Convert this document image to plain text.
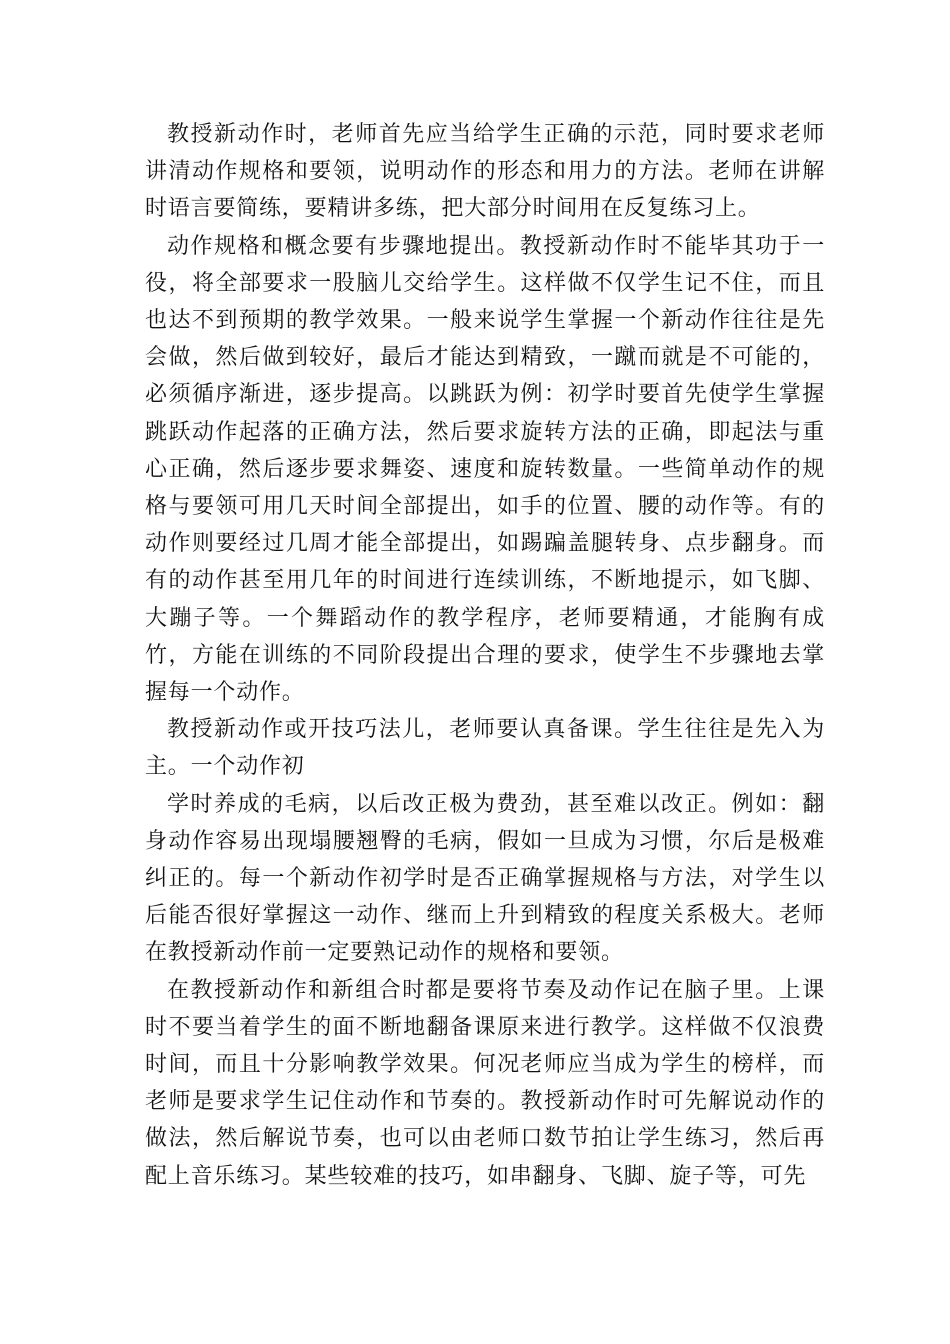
教授新动作时，老师首先应当给学生正确的示范，同时要求老师讲清动作规格和要领，说明动作的形态和用力的方法。老师在讲解时语言要简练，要精讲多练，把大部分时间用在反复练习上。

动作规格和概念要有步骤地提出。教授新动作时不能毕其功于一役，将全部要求一股脑儿交给学生。这样做不仅学生记不住，而且也达不到预期的教学效果。一般来说学生掌握一个新动作往往是先会做，然后做到较好，最后才能达到精致，一蹴而就是不可能的，必须循序渐进，逐步提高。以跳跃为例：初学时要首先使学生掌握跳跃动作起落的正确方法，然后要求旋转方法的正确，即起法与重心正确，然后逐步要求舞姿、速度和旋转数量。一些简单动作的规格与要领可用几天时间全部提出，如手的位置、腰的动作等。有的动作则要经过几周才能全部提出，如踢蹁盖腿转身、点步翻身。而有的动作甚至用几年的时间进行连续训练，不断地提示，如飞脚、大蹦子等。一个舞蹈动作的教学程序，老师要精通，才能胸有成竹，方能在训练的不同阶段提出合理的要求，使学生不步骤地去掌握每一个动作。

教授新动作或开技巧法儿，老师要认真备课。学生往往是先入为主。一个动作初

学时养成的毛病，以后改正极为费劲，甚至难以改正。例如：翻身动作容易出现塌腰翘臀的毛病，假如一旦成为习惯，尔后是极难纠正的。每一个新动作初学时是否正确掌握规格与方法，对学生以后能否很好掌握这一动作、继而上升到精致的程度关系极大。老师在教授新动作前一定要熟记动作的规格和要领。

在教授新动作和新组合时都是要将节奏及动作记在脑子里。上课时不要当着学生的面不断地翻备课原来进行教学。这样做不仅浪费时间，而且十分影响教学效果。何况老师应当成为学生的榜样，而老师是要求学生记住动作和节奏的。教授新动作时可先解说动作的做法，然后解说节奏，也可以由老师口数节拍让学生练习，然后再配上音乐练习。某些较难的技巧，如串翻身、飞脚、旋子等，可先
